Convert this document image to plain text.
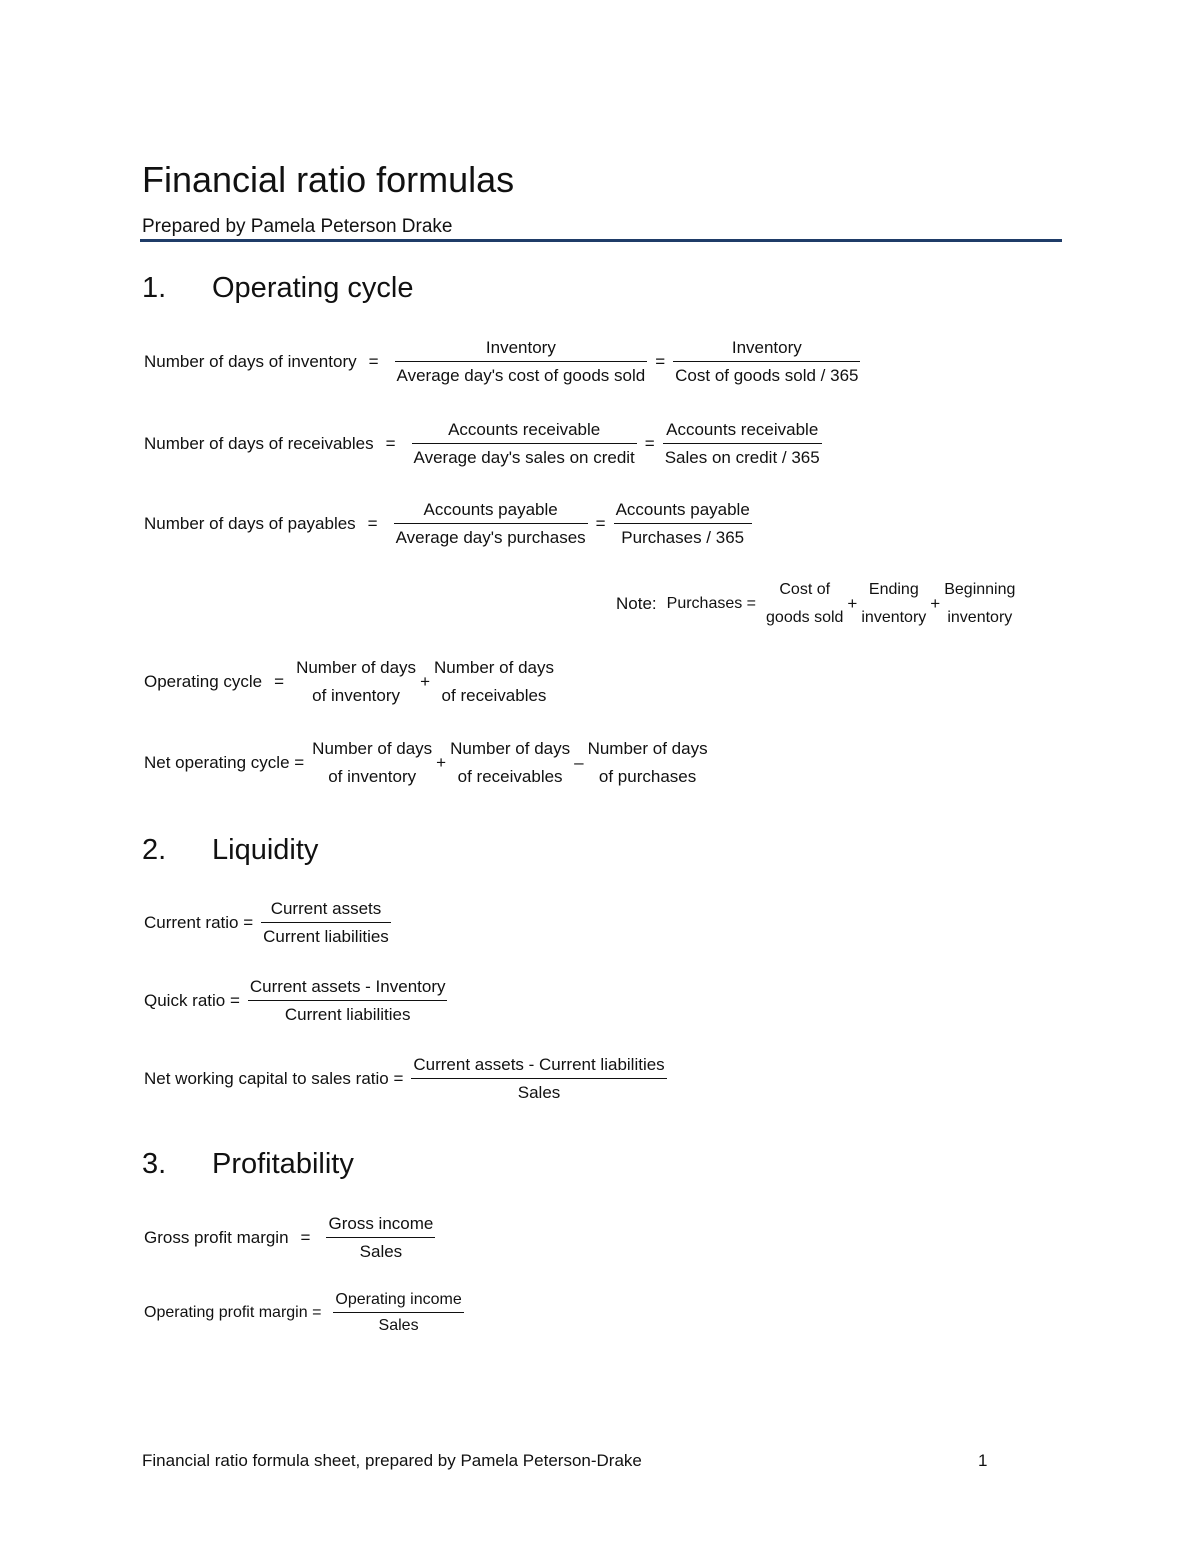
Financial ratio formulas
Prepared by Pamela Peterson Drake
1. Operating cycle
Number of days of inventory = $\frac{\text{Inventory}}{\text{Average day's cost of goods sold}} = \frac{\text{Inventory}}{\text{Cost of goods sold / 365}}$
Number of days of receivables = $\frac{\text{Accounts receivable}}{\text{Average day's sales on credit}} = \frac{\text{Accounts receivable}}{\text{Sales on credit / 365}}$
Number of days of payables = $\frac{\text{Accounts payable}}{\text{Average day's purchases}} = \frac{\text{Accounts payable}}{\text{Purchases / 365}}$
Note: Purchases =
Cost of
goods sold
+
Ending
inventory
+
Beginning
inventory
Operating cycle =
Number of days
of inventory
+
Number of days
of receivables
Net operating cycle =
Number of days
of inventory
+
Number of days
of receivables
–
Number of days
of purchases
2. Liquidity
Current ratio = $\frac{\text{Current assets}}{\text{Current liabilities}}$
Quick ratio = $\frac{\text{Current assets - Inventory}}{\text{Current liabilities}}$
Net working capital to sales ratio = $\frac{\text{Current assets - Current liabilities}}{\text{Sales}}$
3. Profitability
Gross profit margin = $\frac{\text{Gross income}}{\text{Sales}}$
Operating profit margin = $\frac{\text{Operating income}}{\text{Sales}}$
Financial ratio formula sheet, prepared by Pamela Peterson-Drake	1
